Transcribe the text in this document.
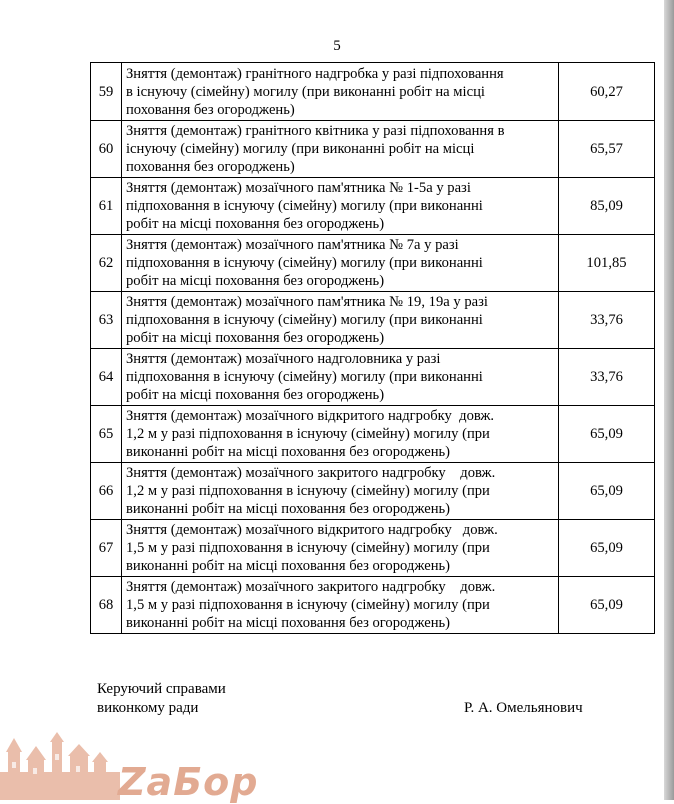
5
59	Зняття (демонтаж) гранітного надгробка у разі підпоховання
в існуючу (сімейну) могилу (при виконанні робіт на місці
поховання без огороджень)	60,27
60	Зняття (демонтаж) гранітного квітника у разі підпоховання в
існуючу (сімейну) могилу (при виконанні робіт на місці
поховання без огороджень)	65,57
61	Зняття (демонтаж) мозаїчного пам'ятника № 1-5а у разі
підпоховання в існуючу (сімейну) могилу (при виконанні
робіт на місці поховання без огороджень)	85,09
62	Зняття (демонтаж) мозаїчного пам'ятника № 7а у разі
підпоховання в існуючу (сімейну) могилу (при виконанні
робіт на місці поховання без огороджень)	101,85
63	Зняття (демонтаж) мозаїчного пам'ятника № 19, 19а у разі
підпоховання в існуючу (сімейну) могилу (при виконанні
робіт на місці поховання без огороджень)	33,76
64	Зняття (демонтаж) мозаїчного надголовника у разі
підпоховання в існуючу (сімейну) могилу (при виконанні
робіт на місці поховання без огороджень)	33,76
65	Зняття (демонтаж) мозаїчного відкритого надгробку  довж.
1,2 м у разі підпоховання в існуючу (сімейну) могилу (при
виконанні робіт на місці поховання без огороджень)	65,09
66	Зняття (демонтаж) мозаїчного закритого надгробку    довж.
1,2 м у разі підпоховання в існуючу (сімейну) могилу (при
виконанні робіт на місці поховання без огороджень)	65,09
67	Зняття (демонтаж) мозаїчного відкритого надгробку   довж.
1,5 м у разі підпоховання в існуючу (сімейну) могилу (при
виконанні робіт на місці поховання без огороджень)	65,09
68	Зняття (демонтаж) мозаїчного закритого надгробку    довж.
1,5 м у разі підпоховання в існуючу (сімейну) могилу (при
виконанні робіт на місці поховання без огороджень)	65,09
Керуючий справами
виконкому ради	Р. А. Омельянович
ZaБор
